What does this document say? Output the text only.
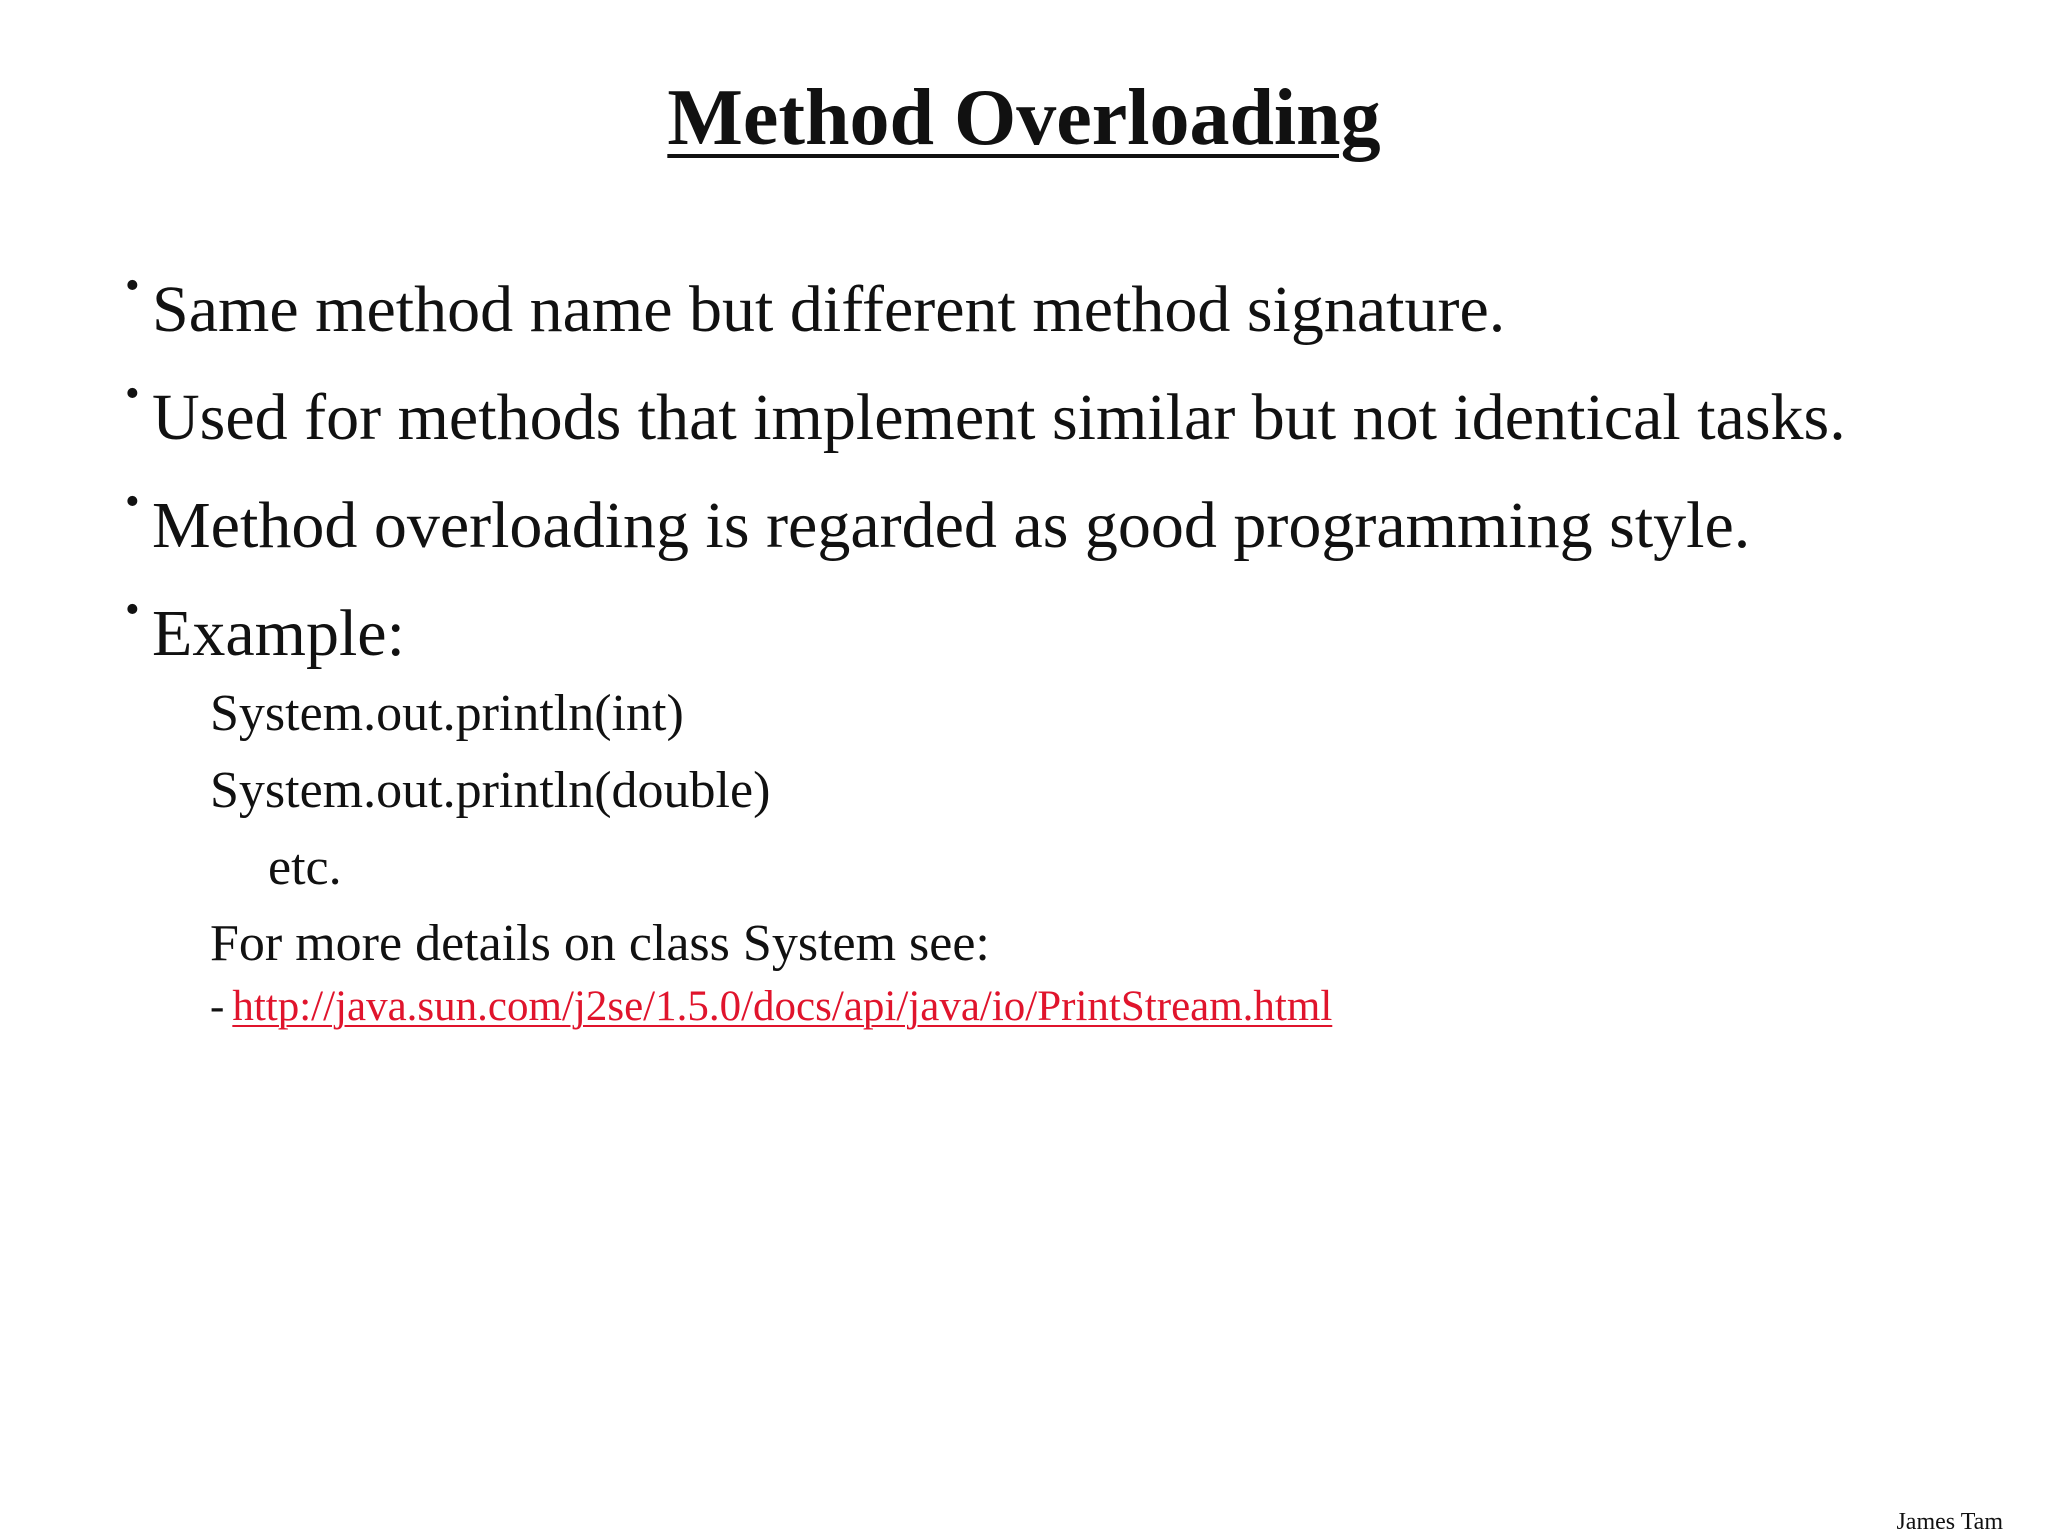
Method Overloading
• Same method name but different method signature.
• Used for methods that implement similar but not identical tasks.
• Method overloading is regarded as good programming style.
• Example:
System.out.println(int)
System.out.println(double)
etc.
For more details on class System see:
- http://java.sun.com/j2se/1.5.0/docs/api/java/io/PrintStream.html
James Tam
